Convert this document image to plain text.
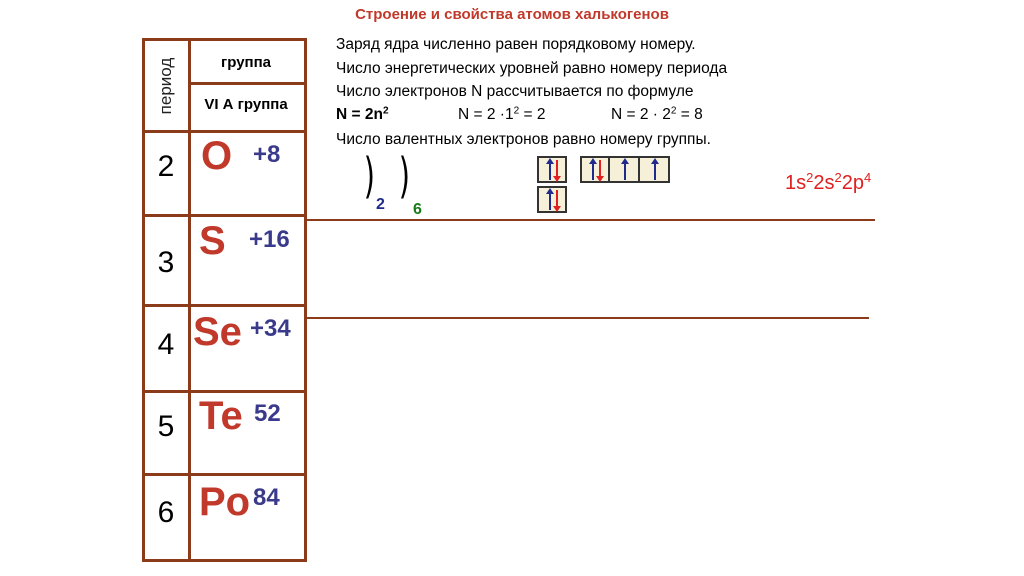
Строение и свойства атомов халькогенов
период	группа
VI А группа
2 O +8
3 S +16
4 Se +34
5 Te 52
6 Po 84
Заряд ядра численно равен порядковому номеру.
Число энергетических уровней равно номеру периода
Число электронов N рассчитывается по формуле
$N = 2n^2$	$N = 2 \cdot 1^2 = 2$	$N = 2 \cdot 2^2 = 8$
Число валентных электронов равно номеру группы.
) )
2 6
$1s^22s^22p^4$
